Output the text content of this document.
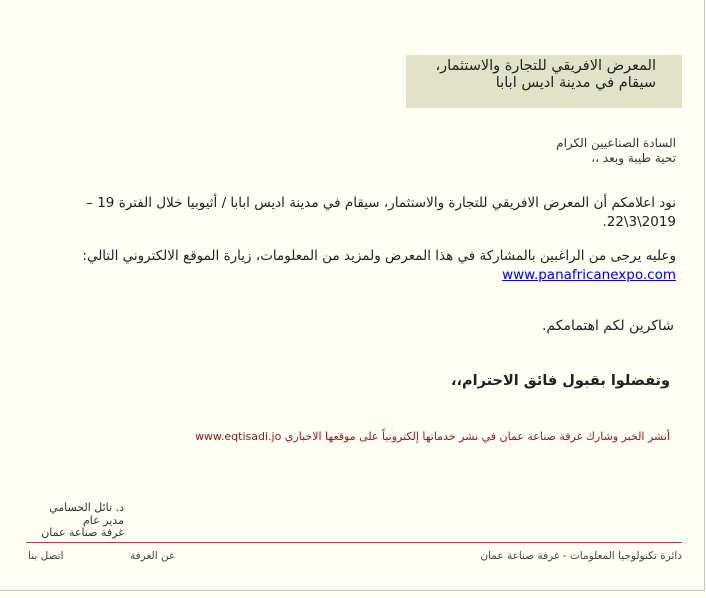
المعرض الافريقي للتجارة والاستثمار، سيقام في مدينة اديس ابابا
السادة الصناعيين الكرام
تحية طيبة وبعد ،،
نود اعلامكم أن المعرض الافريقي للتجارة والاستثمار، سيقام في مدينة اديس ابابا / أثيوبيا خلال الفترة 19 – 2019\3\22.
وعليه يرجى من الراغبين بالمشاركة في هذا المعرض ولمزيد من المعلومات، زيارة الموقع الالكتروني التالي: www.panafricanexpo.com
شاكرين لكم اهتمامكم.
وتفضلوا بقبول فائق الاحترام،،
أنشر الخبر وشارك غرفة صناعة عمان في نشر خدماتها إلكترونياً على موقعها الاخباري www.eqtisadi.jo
د. نائل الحسامي
مدير عام
غرفة صناعة عمان
دائرة تكنولوجيا المعلومات - غرفة صناعة عمان
عن الغرفة
اتصل بنا
